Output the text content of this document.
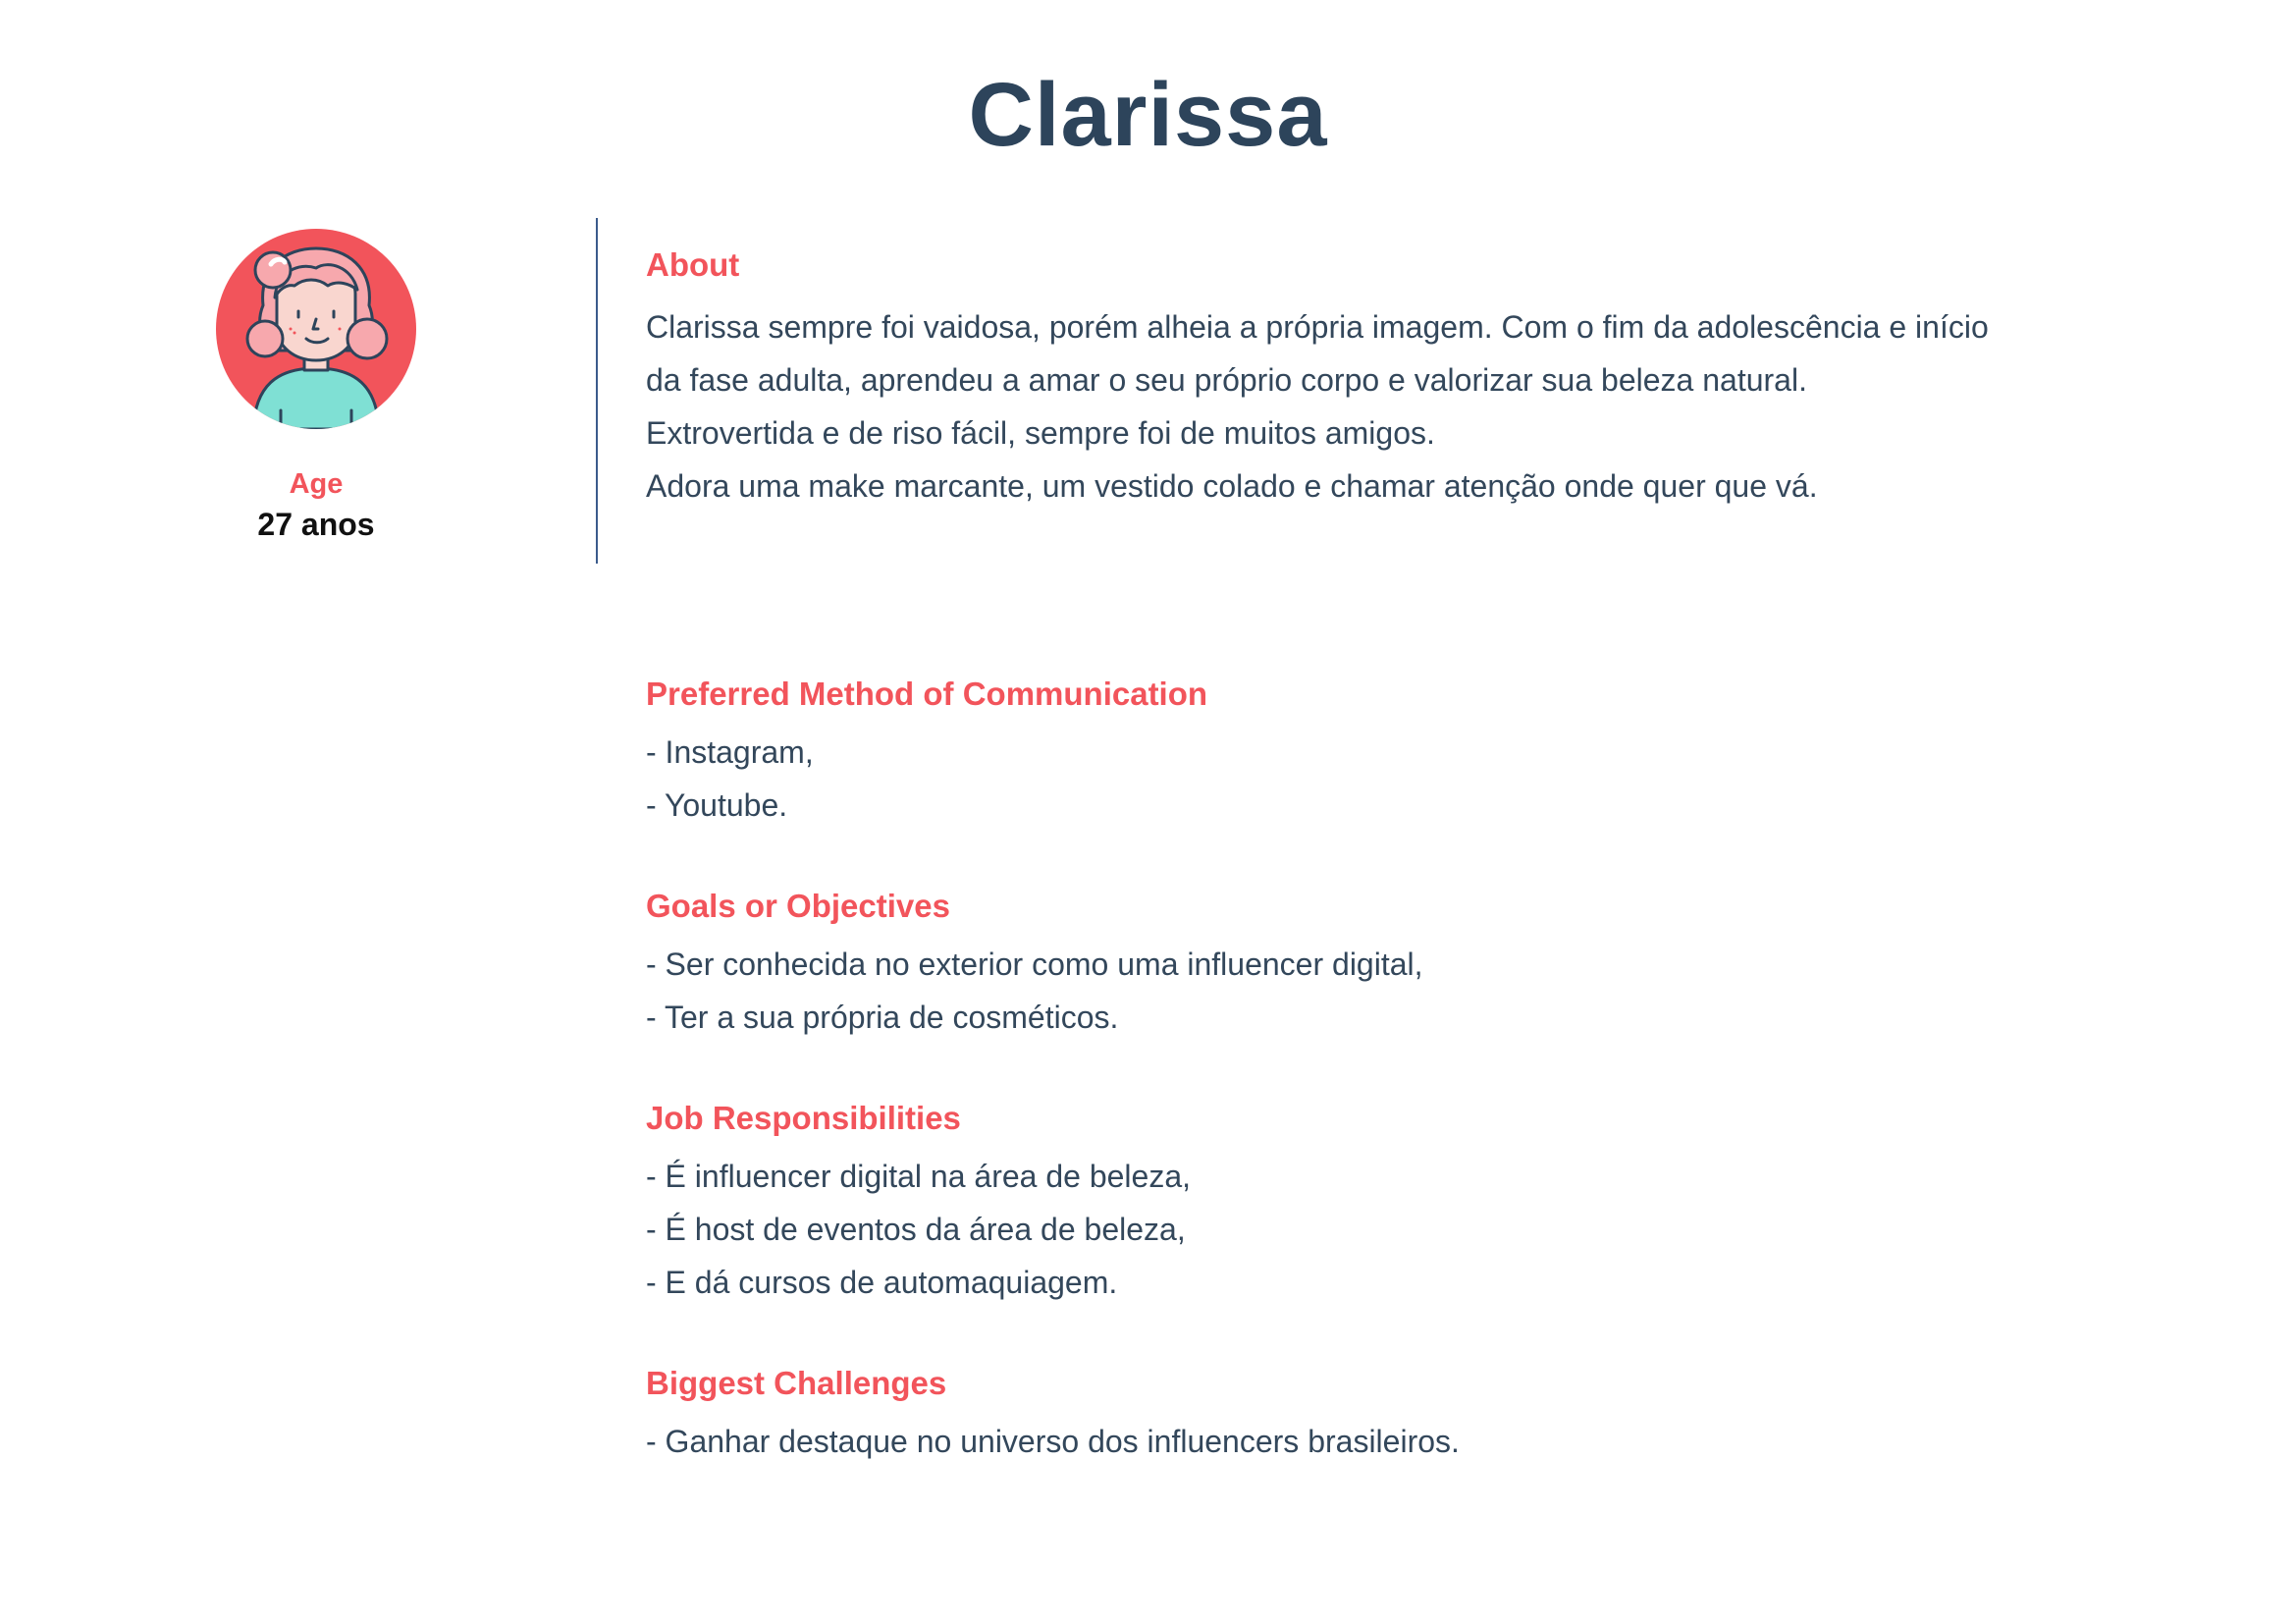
Clarissa
Age
27 anos
About
Clarissa sempre foi vaidosa, porém alheia a própria imagem. Com o fim da adolescência e início
da fase adulta, aprendeu a amar o seu próprio corpo e valorizar sua beleza natural.
Extrovertida e de riso fácil, sempre foi de muitos amigos.
Adora uma make marcante, um vestido colado e chamar atenção onde quer que vá.
Preferred Method of Communication
- Instagram,
- Youtube.
Goals or Objectives
- Ser conhecida no exterior como uma influencer digital,
- Ter a sua própria de cosméticos.
Job Responsibilities
- É influencer digital na área de beleza,
- É host de eventos da área de beleza,
- E dá cursos de automaquiagem.
Biggest Challenges
- Ganhar destaque no universo dos influencers brasileiros.
